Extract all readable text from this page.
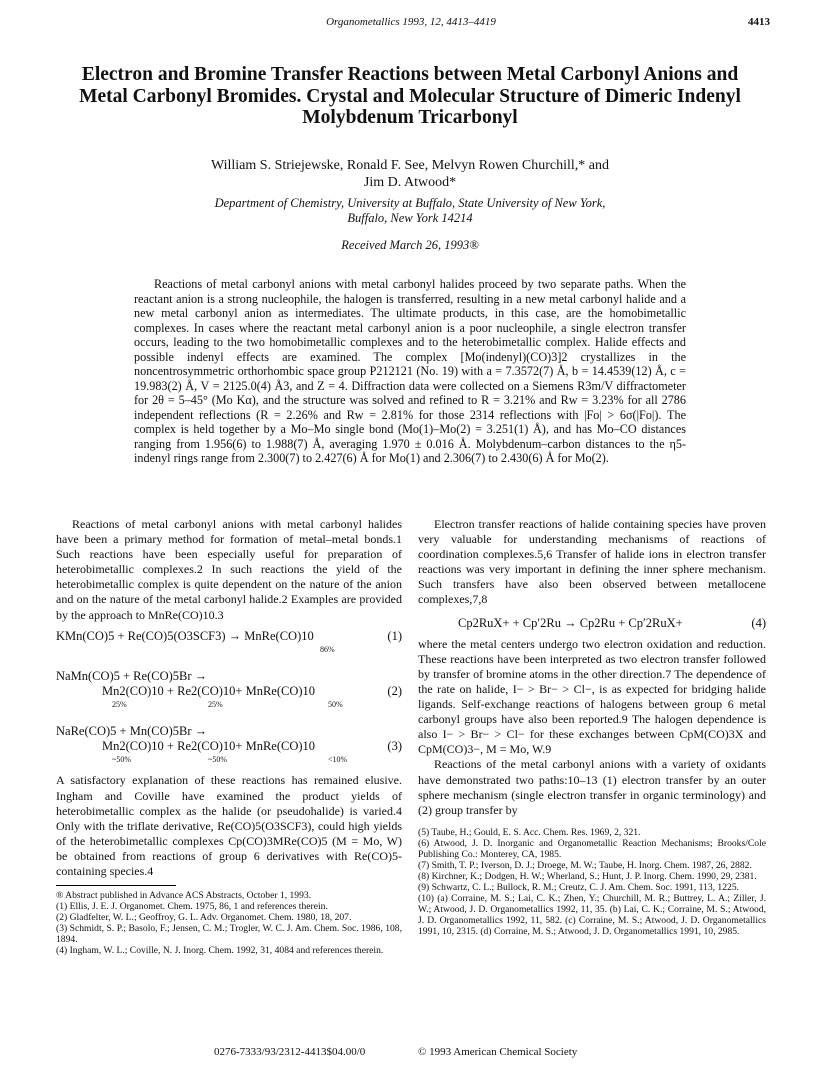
Organometallics 1993, 12, 4413–4419	4413
Electron and Bromine Transfer Reactions between Metal Carbonyl Anions and Metal Carbonyl Bromides. Crystal and Molecular Structure of Dimeric Indenyl Molybdenum Tricarbonyl
William S. Striejewske, Ronald F. See, Melvyn Rowen Churchill,* and
Jim D. Atwood*
Department of Chemistry, University at Buffalo, State University of New York,
Buffalo, New York 14214
Received March 26, 1993®

Reactions of metal carbonyl anions with metal carbonyl halides proceed by two separate paths. When the reactant anion is a strong nucleophile, the halogen is transferred, resulting in a new metal carbonyl halide and a new metal carbonyl anion as intermediates. The ultimate products, in this case, are the homobimetallic complexes. In cases where the reactant metal carbonyl anion is a poor nucleophile, a single electron transfer occurs, leading to the two homobimetallic complexes and to the heterobimetallic complex. Halide effects and possible indenyl effects are examined. The complex [Mo(indenyl)(CO)3]2 crystallizes in the noncentrosymmetric orthorhombic space group P212121 (No. 19) with a = 7.3572(7) Å, b = 14.4539(12) Å, c = 19.983(2) Å, V = 2125.0(4) Å3, and Z = 4. Diffraction data were collected on a Siemens R3m/V diffractometer for 2θ = 5–45° (Mo Kα), and the structure was solved and refined to R = 3.21% and Rw = 3.23% for all 2786 independent reflections (R = 2.26% and Rw = 2.81% for those 2314 reflections with |Fo| > 6σ(|Fo|). The complex is held together by a Mo–Mo single bond (Mo(1)–Mo(2) = 3.251(1) Å), and has Mo–CO distances ranging from 1.956(6) to 1.988(7) Å, averaging 1.970 ± 0.016 Å. Molybdenum–carbon distances to the η5-indenyl rings range from 2.300(7) to 2.427(6) Å for Mo(1) and 2.306(7) to 2.430(6) Å for Mo(2).

Reactions of metal carbonyl anions with metal carbonyl halides have been a primary method for formation of metal–metal bonds.1 Such reactions have been especially useful for preparation of heterobimetallic complexes.2 In such reactions the yield of the heterobimetallic complex is quite dependent on the nature of the anion and on the nature of the metal carbonyl halide.2 Examples are provided by the approach to MnRe(CO)10.3

KMn(CO)5 + Re(CO)5(O3SCF3) → MnRe(CO)10	(1)
86%
NaMn(CO)5 + Re(CO)5Br →
Mn2(CO)10 + Re2(CO)10+ MnRe(CO)10	(2)
25%	25%	50%
NaRe(CO)5 + Mn(CO)5Br →
Mn2(CO)10 + Re2(CO)10+ MnRe(CO)10	(3)
~50%	~50%	<10%

A satisfactory explanation of these reactions has remained elusive. Ingham and Coville have examined the product yields of heterobimetallic complex as the halide (or pseudohalide) is varied.4 Only with the triflate derivative, Re(CO)5(O3SCF3), could high yields of the heterobimetallic complexes Cp(CO)3MRe(CO)5 (M = Mo, W) be obtained from reactions of group 6 derivatives with Re(CO)5-containing species.4

® Abstract published in Advance ACS Abstracts, October 1, 1993.
(1) Ellis, J. E. J. Organomet. Chem. 1975, 86, 1 and references therein.
(2) Gladfelter, W. L.; Geoffroy, G. L. Adv. Organomet. Chem. 1980, 18, 207.
(3) Schmidt, S. P.; Basolo, F.; Jensen, C. M.; Trogler, W. C. J. Am. Chem. Soc. 1986, 108, 1894.
(4) Ingham, W. L.; Coville, N. J. Inorg. Chem. 1992, 31, 4084 and references therein.

Electron transfer reactions of halide containing species have proven very valuable for understanding mechanisms of reactions of coordination complexes.5,6 Transfer of halide ions in electron transfer reactions was very important in defining the inner sphere mechanism. Such transfers have also been observed between metallocene complexes,7,8

Cp2RuX+ + Cp′2Ru → Cp2Ru + Cp′2RuX+	(4)

where the metal centers undergo two electron oxidation and reduction. These reactions have been interpreted as two electron transfer followed by transfer of bromine atoms in the other direction.7 The dependence of the rate on halide, I− > Br− > Cl−, is as expected for bridging halide ligands. Self-exchange reactions of halogens between group 6 metal carbonyl groups have also been reported.9 The halogen dependence is also I− > Br− > Cl− for these exchanges between CpM(CO)3X and CpM(CO)3−, M = Mo, W.9

Reactions of the metal carbonyl anions with a variety of oxidants have demonstrated two paths:10–13 (1) electron transfer by an outer sphere mechanism (single electron transfer in organic terminology) and (2) group transfer by

(5) Taube, H.; Gould, E. S. Acc. Chem. Res. 1969, 2, 321.
(6) Atwood, J. D. Inorganic and Organometallic Reaction Mechanisms; Brooks/Cole Publishing Co.: Monterey, CA, 1985.
(7) Smith, T. P.; Iverson, D. J.; Droege, M. W.; Taube, H. Inorg. Chem. 1987, 26, 2882.
(8) Kirchner, K.; Dodgen, H. W.; Wherland, S.; Hunt, J. P. Inorg. Chem. 1990, 29, 2381.
(9) Schwartz, C. L.; Bullock, R. M.; Creutz, C. J. Am. Chem. Soc. 1991, 113, 1225.
(10) (a) Corraine, M. S.; Lai, C. K.; Zhen, Y.; Churchill, M. R.; Buttrey, L. A.; Ziller, J. W.; Atwood, J. D. Organometallics 1992, 11, 35. (b) Lai, C. K.; Corraine, M. S.; Atwood, J. D. Organometallics 1992, 11, 582. (c) Corraine, M. S.; Atwood, J. D. Organometallics 1991, 10, 2315. (d) Corraine, M. S.; Atwood, J. D. Organometallics 1991, 10, 2985.
0276-7333/93/2312-4413$04.00/0	© 1993 American Chemical Society
